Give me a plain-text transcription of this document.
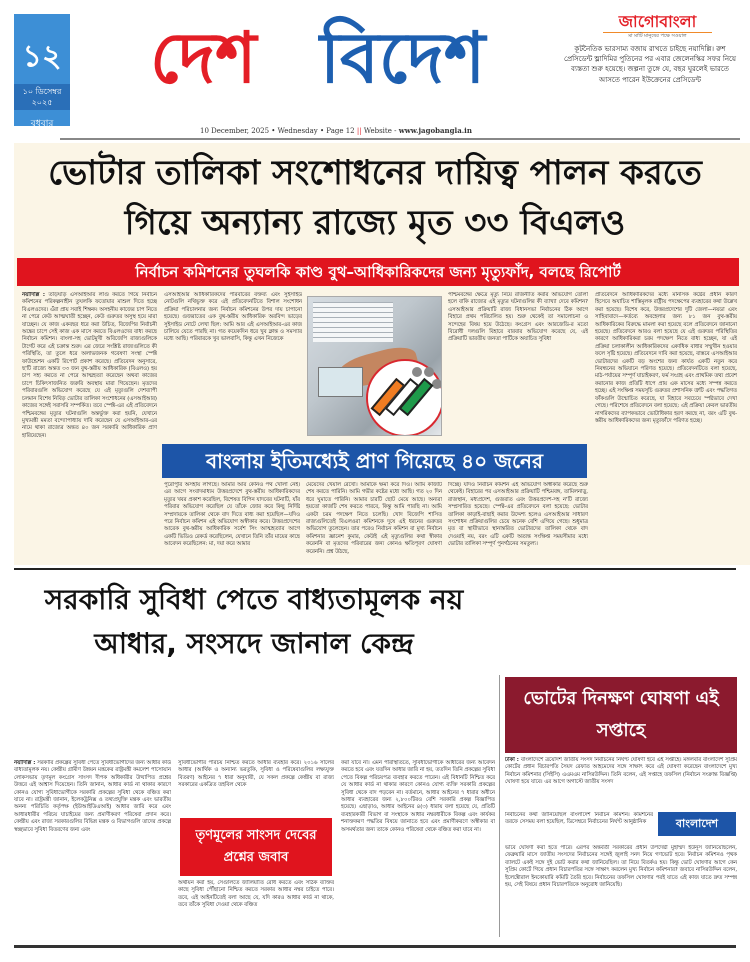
১২
১০ ডিসেম্বর ২০২৫
বুধবার
দেশ বিদেশ
10 December, 2025 • Wednesday • Page 12 || Website - www.jagobangla.in
জাগোবাংলা
মা মাটি মানুষের পক্ষে সওয়াল
কূটনৈতিক ভারসাম্য বজায় রাখতে চাইছে নয়াদিল্লি। রুশ প্রেসিডেন্ট ভ্লাদিমির পুতিনের পর এবার জেলেনস্কির সফর নিয়ে ব্যস্ততা শুরু হয়েছে। জল্পনা তুঙ্গে যে, বছর ঘুরলেই ভারতে আসতে পারেন ইউক্রেনের প্রেসিডেন্ট
ভোটার তালিকা সংশোধনের দায়িত্ব পালন করতে গিয়ে অন্যান্য রাজ্যে মৃত ৩৩ বিএলও
নির্বাচন কমিশনের তুঘলকি কাণ্ড বুথ–আধিকারিকদের জন্য মৃত্যুফাঁদ, বলছে রিপোর্ট
নয়াদিল্লি : তড়িঘড়ি এসআইআর লাগু করতে গিয়ে নির্বাচন কমিশনের পরিকল্পনাহীন তুঘলকি ফতোয়ার মাশুল দিতে হচ্ছে বিএলওদের। এঁরা প্রায় সবাই শিক্ষক। অসহনীয় কাজের চাপ নিতে না পেরে কেউ আত্মঘাতী হচ্ছেন, কেউ গুরুতর অসুস্থ হয়ে মারা যাচ্ছেন। যে কাজ একবছর ধরে করা উচিত, বিজেপির নির্বাচনী অঙ্কের চাপে সেই কাজ এক মাসে করতে বিএলওদের বাধ্য করছে নির্বাচন কমিশন। বাংলা-সহ ভোটমুখী অবিজেপি রাজ্যগুলিকে টার্গেট করে এই চক্রান্ত শুরু। এর জেরে সংশ্লিষ্ট রাজ্যগুলিতে কী পরিস্থিতি, তা তুলে ধরে অলাভজনক গবেষণা সংস্থা স্পেক্ট ফাউন্ডেশন একটি রিপোর্ট প্রকাশ করেছে। প্রতিবেদন অনুসারে, ছ'টি রাজ্যে অন্তত ৩৩ জন বুথ-স্তরীয় আধিকারিক (বিএলও) হয় চাপ সহ্য করতে না পেরে আত্মহত্যা করেছেন অথবা কাজের চাপে চিকিৎসাজনিত জরুরি অবস্থায় মারা গিয়েছেন। মৃতদের পরিবারগুলি অভিযোগ করেছে যে এই মৃত্যুগুলি দেশব্যাপী চলমান বিশেষ নিবিড় ভোটার তালিকা সংশোধনের (এসআইআর) কাজের সঙ্গেই সরাসরি সম্পর্কিত। তবে স্পেক্ট-এর এই প্রতিবেদনে পশ্চিমবঙ্গের মৃত্যুর ঘটনাগুলি অন্তর্ভুক্ত করা হয়নি, যেখানে মুখ্যমন্ত্রী মমতা বন্দ্যোপাধ্যায় দাবি করেছেন যে এসআইআর-এর নামে থাকা রাজ্যের অন্তত ৪০ জন সরকারি আধিকারিক প্রাণ হারিয়েছেন।
এসআইআর আধিকারিকদের পরিবারের বক্তব্য এবং সুইসাইড নোটগুলি নথিভুক্ত করে এই প্রতিবেদনটিতে বিশাল সংশোধন প্রক্রিয়া পরিচালনার জন্য নির্বাচন কমিশনের উপর দায় চাপানো হয়েছে। গুজরাতের এক বুথ-স্তরীয় আধিকারিক অরবিন্দ ভাড়ের সুইসাইড নোটে লেখা ছিল: আমি আর এই এসআইআর-এর কাজ চালিয়ে যেতে পারছি না। গত কয়েকদিন ধরে খুব ক্লান্ত ও সমস্যার মধ্যে আছি। পরিবারকে খুব ভালবাসি, কিন্তু এখন নিজেকে
পশ্চিমবঙ্গের ক্ষেত্রে মৃত্যু নিয়ে রাজনীতি করার অভিযোগ তোলা হলে বাকি রাজ্যের এই মৃত্যুর ঘটনাগুলির কী ব্যাখ্যা দেবে কমিশন? এসআইআর প্রক্রিয়াটি রাজ্য বিধানসভা নির্বাচনের ঠিক আগে বিহারে প্রথম পরিচালিত হয়। শুরু থেকেই তা সমালোচনা ও সন্দেহের বিষয় হয়ে উঠেছে। কংগ্রেস এবং আরজেডি-র মতো বিরোধী দলগুলি বিহারে বারবার অভিযোগ করেছে যে, এই প্রক্রিয়াটি ভারতীয় জনতা পার্টিকে অযাচিত সুবিধা
বাংলায় ইতিমধ্যেই প্রাণ গিয়েছে ৪০ জনের
পুরোপুরি অসহায় লাগছে। আমার আর কোনও পথ খোলা নেই। এর আগে সংবাদমাধ্যম উত্তরপ্রদেশে বুথ-স্তরীয় আধিকারিকদের মৃত্যুর খবর প্রকাশ করেছিল, বিশেষত বিপিন যাদবের ঘটনাটি, যাঁর পরিবার অভিযোগ করেছিল যে তাঁকে জোর করে কিছু নির্দিষ্ট সম্প্রদায়কে তালিকা থেকে বাদ দিতে বাধ্য করা হয়েছিল—যদিও পরে নির্বাচন কমিশন এই অভিযোগ অস্বীকার করে। উত্তরপ্রদেশের আরেক বুথ-স্তরীয় আধিকারিক সর্বেশ সিং আত্মহত্যার আগে একটি ভিডিও রেকর্ড করেছিলেন, যেখানে তিনি তাঁর মায়ের কাছে আবেদন করেছিলেন: মা, দয়া করে আমার
মেয়েদের খেয়াল রেখো। আমাকে ক্ষমা করে দিও। আমি কাজটি শেষ করতে পারিনি। আমি গভীর কষ্টের মধ্যে আছি। গত ২০ দিন ধরে ঘুমাতে পারিনি। আমার চারটি ছোট মেয়ে আছে। অন্যরা হয়তো কাজটি শেষ করতে পারবে, কিন্তু আমি পারছি না। আমি একটা চরম পদক্ষেপ নিতে চলেছি। খোদ বিজেপি শাসিত রাজ্যগুলিতেই বিএলওরা কমিশনকে দুষে এই ধরনের গুরুতর অভিযোগ তুলেছেন। তার পরেও নির্বাচন কমিশন বা মুখ্য নির্বাচন কমিশনার জ্ঞানেশ কুমার, কেউই এই মৃত্যুগুলির কথা স্বীকার করেননি বা মৃতদের পরিবারের জন্য কোনও ক্ষতিপূরণ ঘোষণা করেননি। প্রশ্ন উঠছে,
দিচ্ছে। যদিও নির্বাচন কমিশন এই অভিযোগ অস্বীকার করেছে শুরু থেকেই। বিহারের পর এসআইআর প্রক্রিয়াটি পশ্চিমবঙ্গ, তামিলনাড়ু, রাজস্থান, মধ্যপ্রদেশ, গুজরাত এবং উত্তরপ্রদেশ-সহ ন'টি রাজ্যে সম্প্রসারিত হয়েছে। স্পেক্ট-এর প্রতিবেদনে বলা হয়েছে: ভোটার তালিকা কাড়াই-বাছাই করার উদ্দেশ্য হলেও এসআইআর সাধারণ সংশোধন প্রক্রিয়াগুলির চেয়ে অনেক বেশি এগিয়ে গেছে। শুধুমাত্র মৃত বা স্থায়ীভাবে স্থানান্তরিত ভোটারদের তালিকা থেকে বাদ দেওয়াই নয়, বরং এটি একটি অত্যন্ত সংক্ষিপ্ত সময়সীমার মধ্যে ভোটার তালিকা সম্পূর্ণ পুনর্গঠনের সমতুল্য।
প্রতিবেদনে আধিকারিকদের মধ্যে মানসিক কষ্টের প্রধান কারণ হিসেবে অযাচিত শাস্তিমূলক রাষ্ট্রীয় পদক্ষেপের ব্যবহারের কথা উল্লেখ করা হয়েছে। বিশেষ করে, উত্তরপ্রদেশের দুটি জেলা—নয়ডা এবং সাহিবাবাদে—কর্তব্যে অবহেলার জন্য ৮১ জন বুথ-স্তরীয় আধিকারিকের বিরুদ্ধে মামলা করা হয়েছে বলে প্রতিবেদনে জানানো হয়েছে। প্রতিবেদনে আরও বলা হয়েছে যে এই গুরুতর পরিস্থিতির কারণে আধিকারিকরা চরম পদক্ষেপ নিতে বাধ্য হচ্ছেন, যা এই প্রক্রিয়া চলাকালীন আধিকারিকদের একাধিক বাধার সম্মুখীন হওয়ার ফলে সৃষ্টি হয়েছে। প্রতিবেদনে দাবি করা হয়েছে, বাস্তবে এসআইআর ভোটারদের একটি বড় অংশের জন্য কার্যত একটি নতুন করে নিবন্ধনের অভিযানে পরিণত হয়েছে। প্রতিবেদনটিতে বলা হয়েছে, মাঠ-পর্যায়ের সম্পূর্ণ যাচাইকরণ, ফর্ম সংগ্রহ এবং প্রাথমিক তথ্য প্রবেশ করানোর কাজ প্রতিটি ধাপে প্রায় এক মাসের মধ্যে সম্পন্ন করতে হচ্ছে। এই সংক্ষিপ্ত সময়সূচি গুরুতর প্রশাসনিক ত্রুটি এবং পদ্ধতিগত ফাঁকগুলি উন্মোচিত করেছে, যা বিহারে সবচেয়ে স্পষ্টভাবে দেখা গেছে। পরিশেষে প্রতিবেদনে বলা হয়েছে: এই প্রক্রিয়া কেবল ভারতীয় নাগরিকদের ব্যাপকভাবে ভোটাধিকার হরণ করছে না, বরং এটি বুথ-স্তরীয় আধিকারিকদের জন্য মৃত্যুফাঁদে পরিণত হচ্ছে।
সরকারি সুবিধা পেতে বাধ্যতামূলক নয় আধার, সংসদে জানাল কেন্দ্র
নয়াদিল্লি : সরকারি প্রকল্পের সুবিধা পেতে সুবিধাভোগীদের জন্য আধার কার্ড বাধ্যতামূলক নয়। কেন্দ্রীয় গ্রামীণ উন্নয়ন মন্ত্রকের রাষ্ট্রমন্ত্রী কমলেশ পাসোয়ান লোকসভায় তৃণমূল কংগ্রেস সাংসদ দীপক অধিকারীর উত্থাপিত প্রশ্নের উত্তরে এই আশ্বাস দিয়েছেন। তিনি জানান, আধার কার্ড না থাকার কারণে কোনও যোগ্য সুবিধাভোগীকে সরকারি প্রকল্পের সুবিধা থেকে বঞ্চিত করা যাবে না। রাষ্ট্রমন্ত্রী জানান, ইলেকট্রনিক্স ও তথ্যপ্রযুক্তি মন্ত্রক এবং ভারতীয় অনন্য পরিচিতি কর্তৃপক্ষ (ইউআইডিএআই) আধার জারি করে এবং আধারধারীর পরিচয় যাচাইয়ের জন্য প্রমাণীকরণ পরিষেবা প্রদান করে। কেন্দ্রীয় এবং রাজ্য সরকারগুলির বিভিন্ন মন্ত্রক ও বিভাগগুলি তাদের প্রকল্পে স্বচ্ছভাবে সুবিধা বিতরণের জন্য এবং
সুবিধাভোগীর পরিচয় নিশ্চিত করতে আধার ব্যবহার করে। ২০১৬ সালের আধার (আর্থিক ও অন্যান্য ভরতুকি, সুবিধা ও পরিষেবাগুলির লক্ষ্যযুক্ত বিতরণ) আইনের ৭ ধারা অনুযায়ী, যে সকল প্রকল্পে কেন্দ্রীয় বা রাজ্য সরকারের একত্রিত তহবিল থেকে
তৃণমূলের সাংসদ দেবের প্রশ্নের জবাব
অর্থায়ন করা হয়, সেগুলিতে জালিয়াতি রোধ করতে এবং সঠিক ব্যক্তির কাছে সুবিধা পৌঁছানো নিশ্চিত করতে সরকার আধার নম্বর চাইতে পারে। তবে, এই আইনটিতেই বলা আছে যে, যদি কারও আধার কার্ড না থাকে, তবে তাঁকে সুবিধা দেওয়া থেকে বঞ্চিত
করা যাবে না। এমন পরিস্থিতিতে, সুবিধাভোগীকে আধারের জন্য আবেদন করতে হবে এবং যতদিন আধার জারি না হয়, ততদিন তিনি প্রকল্পের সুবিধা পেতে বিকল্প পরিচয়পত্র ব্যবহার করতে পারেন। এই বিধানটি নিশ্চিত করে যে আধার কার্ড না থাকার কারণে কোনও যোগ্য ব্যক্তি সরকারি প্রকল্পের সুবিধা থেকে বাদ পড়বেন না। বর্তমানে, আধার আইনের ৭ ধারার অধীনে আধার ব্যবহারের জন্য ২,৮০০টিরও বেশি সরকারি প্রকল্প বিজ্ঞাপিত হয়েছে। এছাড়াও, আধার আইনের ৪(৩) ধারায় বলা হয়েছে যে, প্রতিটি ব্যবহারকারী বিভাগ বা সংস্থাকে আধার নম্বরধারীকে বিকল্প এবং কার্যকর শনাক্তকরণ পদ্ধতির বিষয়ে জানাতে হবে এবং প্রমাণীকরণে অস্বীকার বা অসমর্থতার জন্য তাকে কোনও পরিষেবা থেকে বঞ্চিত করা যাবে না।
ভোটের দিনক্ষণ ঘোষণা এই সপ্তাহে
ঢাকা : বাংলাদেশে ত্রয়োদশ জাতীয় সংসদ নির্বাচনের নির্ঘণ্ট ঘোষণা হবে এই সপ্তাহে। মঙ্গলবার বাংলাদেশ সুপ্রিম কোর্টের প্রধান বিচারপতি সৈয়দ রেফাত আহমেদের সঙ্গে সাক্ষাৎ করে এই ঘোষণা করেছেন বাংলাদেশে মুখ্য নির্বাচন কমিশনার (সিইসি) এএমএম নাসিরউদ্দিন। তিনি বলেন, এই সপ্তাহে তফসিল (নির্বাচন সংক্রান্ত বিজ্ঞপ্তি) ঘোষণা হয়ে যাবে। এর আগে অগাস্টে জাতীয় সংসদ
নির্বাচনের কথা জানিয়েছিল বাংলাদেশ নির্বাচন কমিশন। কমিশনের তরফে সেসময় বলা হয়েছিল, ডিসেম্বরে নির্বাচনের নির্ঘণ্ট আনুষ্ঠানিক	বাংলাদেশ
ভাবে ঘোষণা করা হতে পারে। এরপর অন্তর্বর্তী সরকারের প্রধান উপদেষ্টা মুহাম্মদ ইউনূস জানিয়েছিলেন, ফেব্রুয়ারি মাসে জাতীয় সংসদের নির্বাচনের সঙ্গেই জুলাই সনদ নিয়ে গণভোট হবে। নির্বাচন কমিশনও পৃথক ব্যালটে একই সঙ্গে দুই ভোট করার কথা জানিয়েছিল। তা নিয়ে বিতর্কও হয়। কিন্তু ভোট ঘোষণার আগে কেন সুপ্রিম কোর্টে গিয়ে প্রধান বিচারপতির সঙ্গে সাক্ষাৎ করলেন মুখ্য নির্বাচন কমিশনার? জবাবে নাসিরউদ্দিন বলেন, ইলেক্টোরাল ইনকোয়ারি কমিটি তৈরি হবে। নির্বাচনের তফসিল ঘোষণার পরই যাতে এই কাজ যাতে দ্রুত সম্পন্ন হয়, সেই বিষয়ে প্রধান বিচারপতিকে অনুরোধ জানিয়েছি।
